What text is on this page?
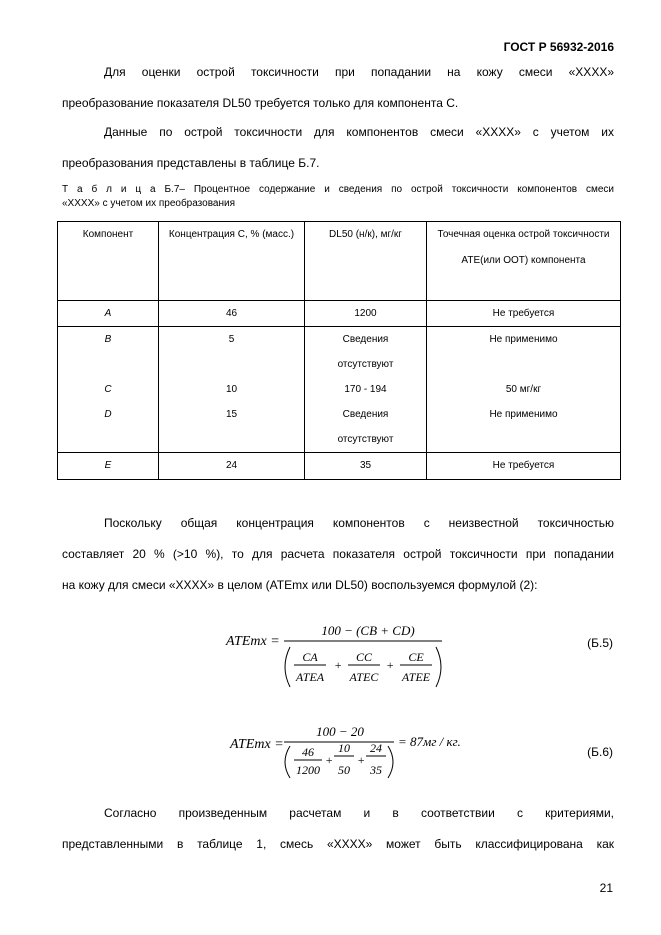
ГОСТ Р 56932-2016

Для оценки острой токсичности при попадании на кожу смеси «XXXX»

преобразование показателя DL50 требуется только для компонента C.

Данные по острой токсичности для компонентов смеси «XXXX» с учетом их

преобразования представлены в таблице Б.7.

Т а б л и ц а Б.7– Процентное содержание и сведения по острой токсичности компонентов смеси
«XXXX» с учетом их преобразования
Компонент	Концентрация C, % (масс.)	DL50 (н/к), мг/кг	Точечная оценка острой токсичности ATE(или OOT) компонента
A	46	1200	Не требуется
B	5	Сведения отсутствуют	Не применимо
C	10	170 - 194	50 мг/кг
D	15	Сведения отсутствуют	Не применимо
E	24	35	Не требуется

Поскольку общая концентрация компонентов с неизвестной токсичностью

составляет 20 % (>10 %), то для расчета показателя острой токсичности при попадании

на кожу для смеси «XXXX» в целом (ATEmx или DL50) воспользуемся формулой (2):

ATEmx =
100 − (CB + CD)
CA
ATEA
+
CC
ATEC
+
CE
ATEE
(Б.5)
ATEmx =
100 − 20
46
1200
+
10
50
+
24
35
= 87мг / кг.
(Б.6)

Согласно произведенным расчетам и в соответствии с критериями,

представленными в таблице 1, смесь «XXXX» может быть классифицирована как

21
